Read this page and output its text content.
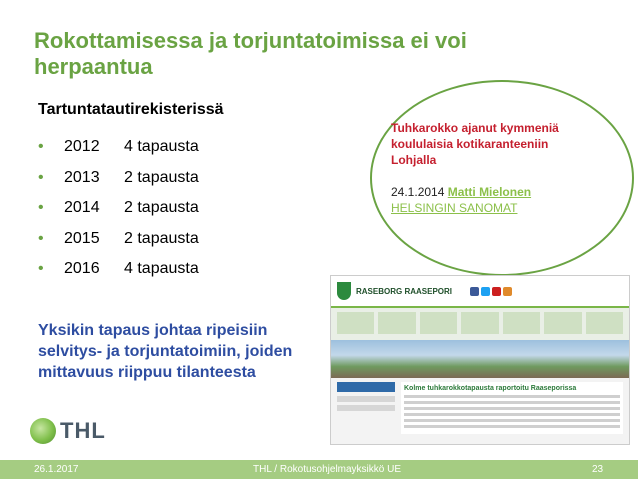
Rokottamisessa ja torjuntatoimissa ei voi herpaantua
Tartuntatautirekisterissä
•	2012	4 tapausta
•	2013	2 tapausta
•	2014	2 tapausta
•	2015	2 tapausta
•	2016	4 tapausta
Yksikin tapaus johtaa ripeisiin selvitys- ja torjuntatoimiin, joiden mittavuus riippuu tilanteesta
Tuhkarokko ajanut kymmeniä koululaisia kotikaranteeniin Lohjalla
24.1.2014 Matti Mielonen
HELSINGIN SANOMAT
RASEBORG RAASEPORI
Kolme tuhkarokkotapausta raportoitu Raaseporissa
THL
26.1.2017	THL / Rokotusohjelmayksikkö UE	23
